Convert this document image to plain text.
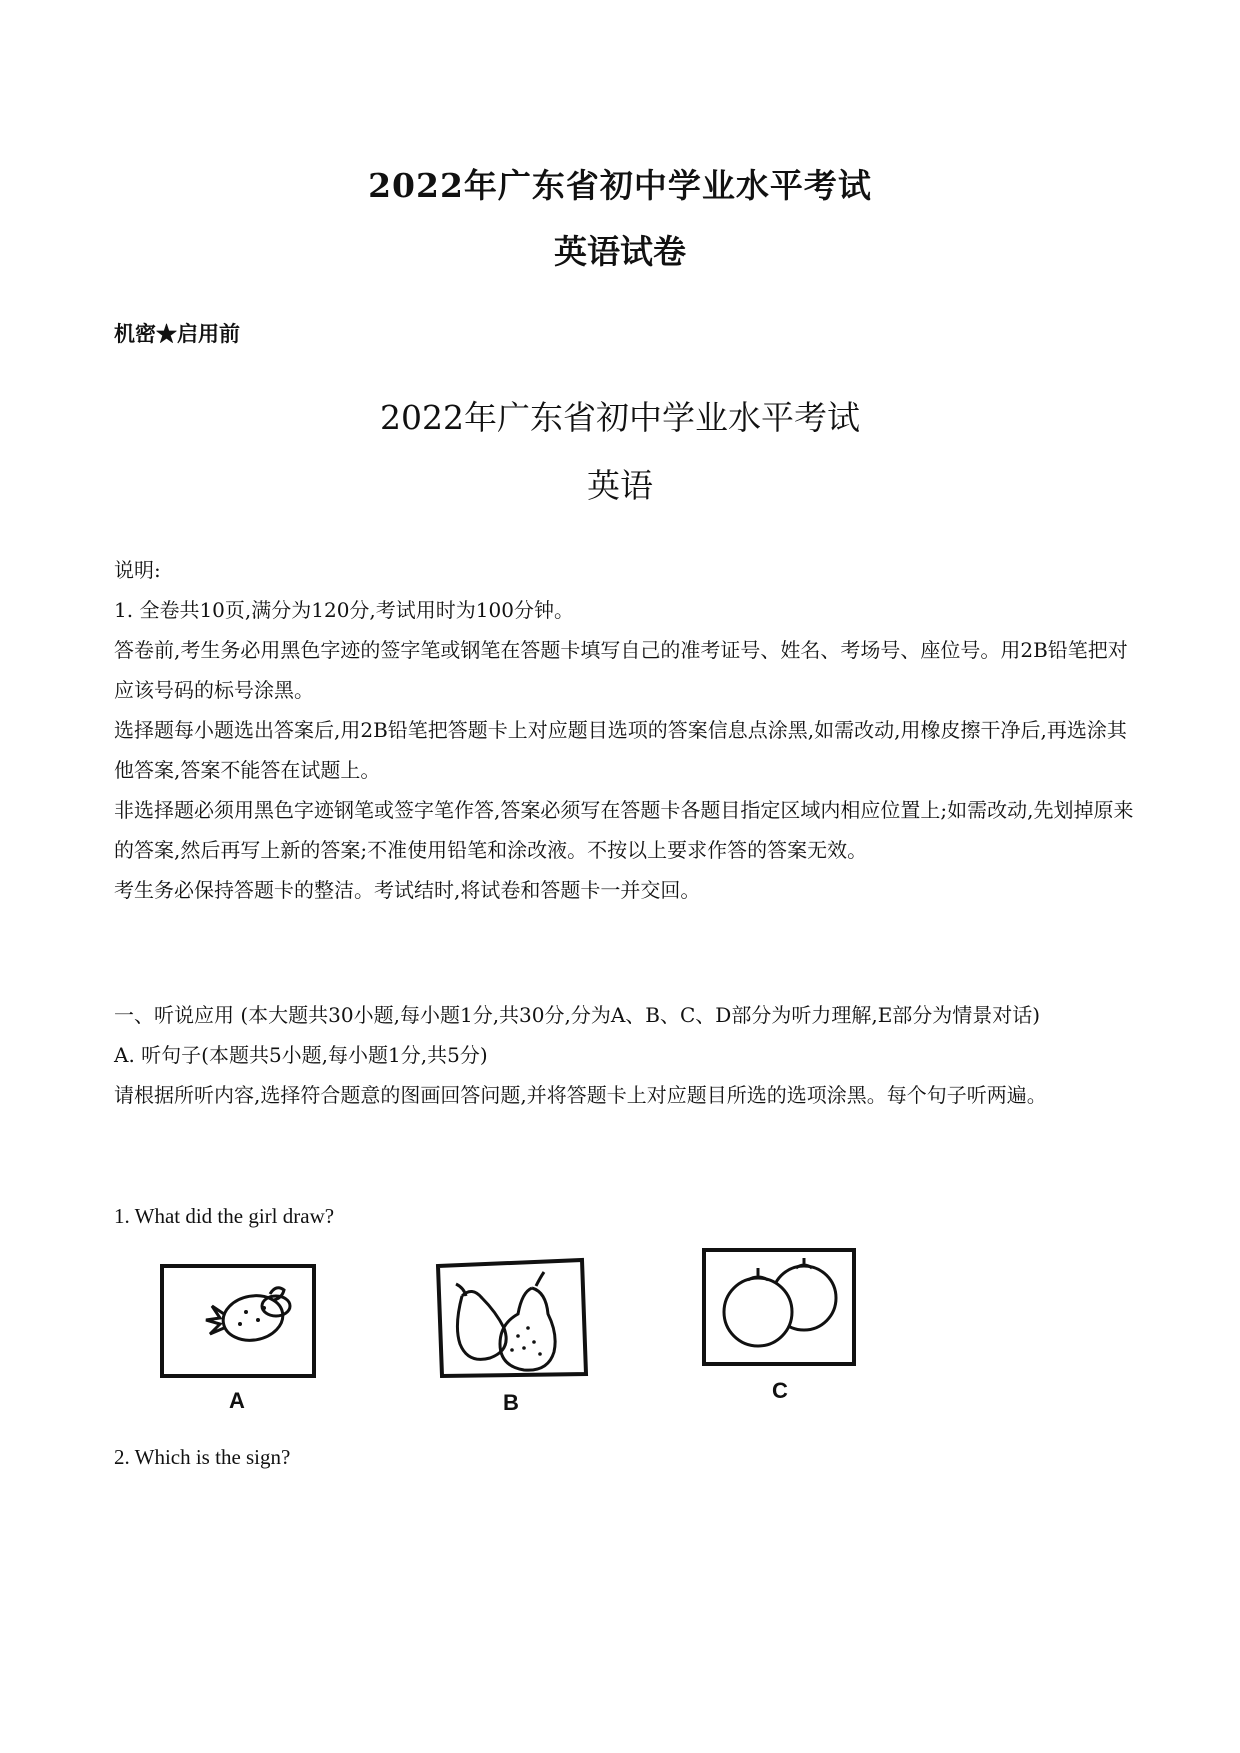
2022年广东省初中学业水平考试
英语试卷
机密★启用前
2022年广东省初中学业水平考试
英语

说明:

1. 全卷共10页,满分为120分,考试用时为100分钟。

答卷前,考生务必用黑色字迹的签字笔或钢笔在答题卡填写自己的准考证号、姓名、考场号、座位号。用2B铅笔把对应该号码的标号涂黑。

选择题每小题选出答案后,用2B铅笔把答题卡上对应题目选项的答案信息点涂黑,如需改动,用橡皮擦干净后,再选涂其他答案,答案不能答在试题上。

非选择题必须用黑色字迹钢笔或签字笔作答,答案必须写在答题卡各题目指定区域内相应位置上;如需改动,先划掉原来的答案,然后再写上新的答案;不准使用铅笔和涂改液。不按以上要求作答的答案无效。

考生务必保持答题卡的整洁。考试结时,将试卷和答题卡一并交回。

一、听说应用 (本大题共30小题,每小题1分,共30分,分为A、B、C、D部分为听力理解,E部分为情景对话)

A. 听句子(本题共5小题,每小题1分,共5分)

请根据所听内容,选择符合题意的图画回答问题,并将答题卡上对应题目所选的选项涂黑。每个句子听两遍。

1. What did the girl draw?
A	B	C
2. Which is the sign?
